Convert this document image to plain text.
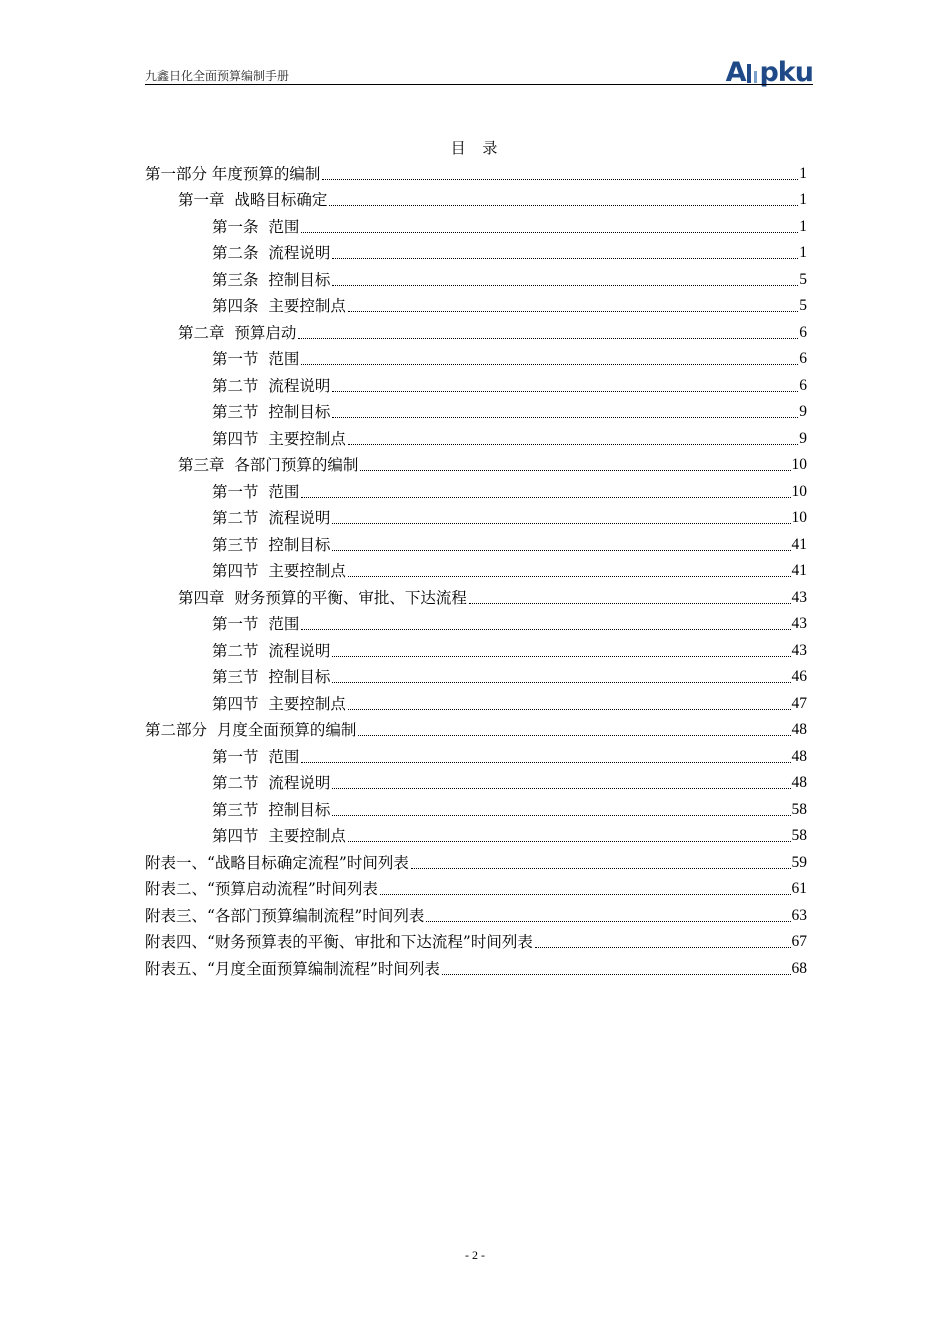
九鑫日化全面预算编制手册	A pku
目 录
第一部分 年度预算的编制	1
第一章  战略目标确定	1
第一条  范围	1
第二条  流程说明	1
第三条  控制目标	5
第四条  主要控制点	5
第二章  预算启动	6
第一节  范围	6
第二节  流程说明	6
第三节  控制目标	9
第四节  主要控制点	9
第三章  各部门预算的编制	10
第一节  范围	10
第二节  流程说明	10
第三节  控制目标	41
第四节  主要控制点	41
第四章  财务预算的平衡、审批、下达流程	43
第一节  范围	43
第二节  流程说明	43
第三节  控制目标	46
第四节  主要控制点	47
第二部分  月度全面预算的编制	48
第一节  范围	48
第二节  流程说明	48
第三节  控制目标	58
第四节  主要控制点	58
附表一、“战略目标确定流程”时间列表	59
附表二、“预算启动流程”时间列表	61
附表三、“各部门预算编制流程”时间列表	63
附表四、“财务预算表的平衡、审批和下达流程”时间列表	67
附表五、“月度全面预算编制流程”时间列表	68
- 2 -
